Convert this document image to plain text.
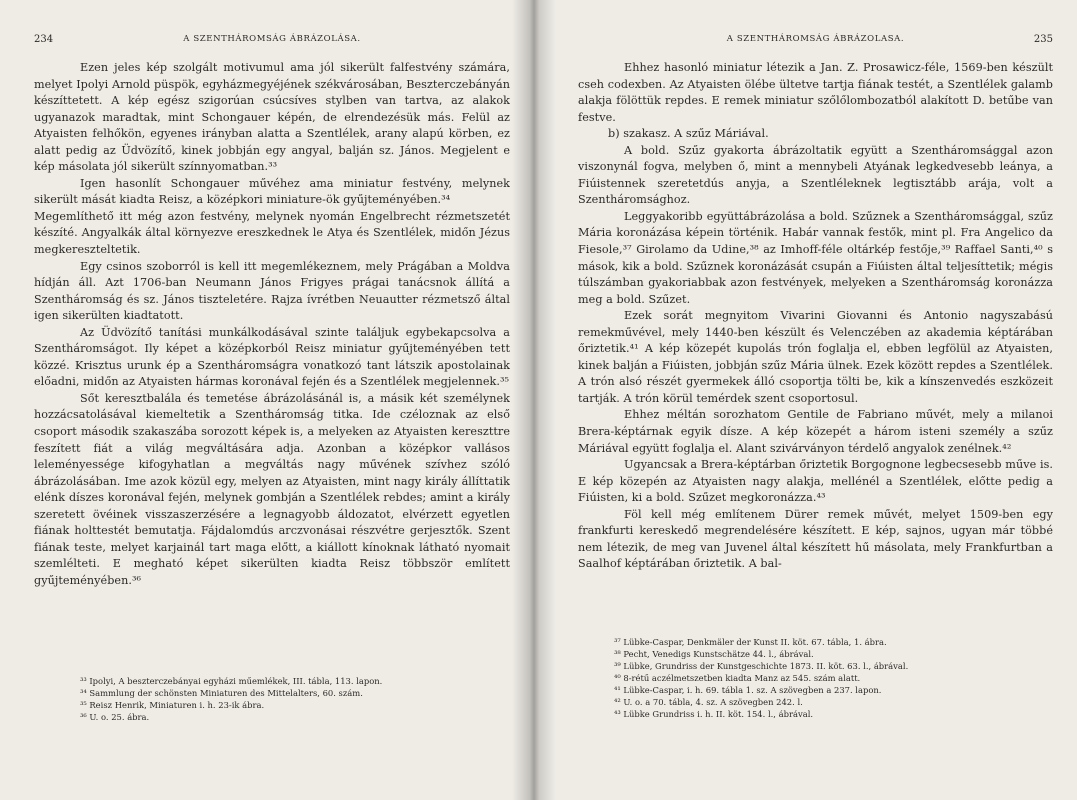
234	A SZENTHÁROMSÁG ÁBRÁZOLÁSA.

Ezen jeles kép szolgált motivumul ama jól sikerült falfestvény számára, melyet Ipolyi Arnold püspök, egyházmegyéjének székvárosában, Beszterczebányán készíttetett. A kép egész szigorúan csúcsíves stylben van tartva, az alakok ugyanazok maradtak, mint Schongauer képén, de elrendezésük más. Felül az Atyaisten felhőkön, egyenes irányban alatta a Szentlélek, arany alapú körben, ez alatt pedig az Üdvözítő, kinek jobbján egy angyal, balján sz. János. Megjelent e kép másolata jól sikerült színnyomatban.³³

Igen hasonlít Schongauer művéhez ama miniatur festvény, melynek sikerült mását kiadta Reisz, a középkori miniature-ök gyűjteményében.³⁴

Megemlíthető itt még azon festvény, melynek nyomán Engelbrecht rézmetszetét készíté. Angyalkák által környezve ereszkednek le Atya és Szentlélek, midőn Jézus megkereszteltetik.

Egy csinos szoborról is kell itt megemlékeznem, mely Prágában a Moldva hídján áll. Azt 1706-ban Neumann János Frigyes prágai tanácsnok állítá a Szentháromság és sz. János tiszteletére. Rajza ívrétben Neuautter rézmetsző által igen sikerülten kiadtatott.

Az Üdvözítő tanítási munkálkodásával szinte találjuk egybekapcsolva a Szentháromságot. Ily képet a középkorból Reisz miniatur gyűjteményében tett közzé. Krisztus urunk ép a Szentháromságra vonatkozó tant látszik apostolainak előadni, midőn az Atyaisten hármas koronával fején és a Szentlélek megjelennek.³⁵

Sőt keresztbalála és temetése ábrázolásánál is, a másik két személynek hozzácsatolásával kiemeltetik a Szentháromság titka. Ide czéloznak az első csoport második szakaszába sorozott képek is, a melyeken az Atyaisten kereszttre feszített fiát a világ megváltására adja. Azonban a középkor vallásos leleményessége kifogyhatlan a megváltás nagy művének szívhez szóló ábrázolásában. Ime azok közül egy, melyen az Atyaisten, mint nagy király állíttatik elénk díszes koronával fején, melynek gombján a Szentlélek rebdes; amint a király szeretett övéinek visszaszerzésére a legnagyobb áldozatot, elvérzett egyetlen fiának holttestét bemutatja. Fájdalomdús arczvonásai részvétre gerjesztők. Szent fiának teste, melyet karjainál tart maga előtt, a kiállott kínoknak látható nyomait szemlélteti. E megható képet sikerülten kiadta Reisz többször említett gyűjteményében.³⁶

³³ Ipolyi, A beszterczebányai egyházi műemlékek, III. tábla, 113. lapon.
³⁴ Sammlung der schönsten Miniaturen des Mittelalters, 60. szám.
³⁵ Reisz Henrik, Miniaturen i. h. 23-ik ábra.
³⁶ U. o. 25. ábra.
A SZENTHÁROMSÁG ÁBRÁZOLASA.	235

Ehhez hasonló miniatur létezik a Jan. Z. Prosawicz-féle, 1569-ben készült cseh codexben. Az Atyaisten ölébe ültetve tartja fiának testét, a Szentlélek galamb alakja fölöttük repdes. E remek miniatur szőlőlombozatból alakított D. betűbe van festve.

b) szakasz. A szűz Máriával.

A bold. Szűz gyakorta ábrázoltatik együtt a Szentháromsággal azon viszonynál fogva, melyben ő, mint a mennybeli Atyának legkedvesebb leánya, a Fiúistennek szeretetdús anyja, a Szentléleknek legtisztább arája, volt a Szentháromsághoz.

Leggyakoribb együttábrázolása a bold. Szűznek a Szentháromsággal, szűz Mária koronázása képein történik. Habár vannak festők, mint pl. Fra Angelico da Fiesole,³⁷ Girolamo da Udine,³⁸ az Imhoff-féle oltárkép festője,³⁹ Raffael Santi,⁴⁰ s mások, kik a bold. Szűznek koronázását csupán a Fiúisten által teljesíttetik; mégis túlszámban gyakoriabbak azon festvények, melyeken a Szentháromság koronázza meg a bold. Szűzet.

Ezek sorát megnyitom Vivarini Giovanni és Antonio nagyszabású remekművével, mely 1440-ben készült és Velenczében az akademia képtárában őriztetik.⁴¹ A kép közepét kupolás trón foglalja el, ebben legfölül az Atyaisten, kinek balján a Fiúisten, jobbján szűz Mária ülnek. Ezek között repdes a Szentlélek. A trón alsó részét gyermekek álló csoportja tölti be, kik a kínszenvedés eszközeit tartják. A trón körül temérdek szent csoportosul.

Ehhez méltán sorozhatom Gentile de Fabriano művét, mely a milanoi Brera-képtárnak egyik dísze. A kép közepét a három isteni személy a szűz Máriával együtt foglalja el. Alant szivárványon térdelő angyalok zenélnek.⁴²

Ugyancsak a Brera-képtárban őriztetik Borgognone legbecsesebb műve is. E kép közepén az Atyaisten nagy alakja, mellénél a Szentlélek, előtte pedig a Fiúisten, ki a bold. Szűzet megkoronázza.⁴³

Föl kell még említenem Dürer remek művét, melyet 1509-ben egy frankfurti kereskedő megrendelésére készített. E kép, sajnos, ugyan már többé nem létezik, de meg van Juvenel által készített hű másolata, mely Frankfurtban a Saalhof képtárában őriztetik. A bal-

³⁷ Lübke-Caspar, Denkmäler der Kunst II. köt. 67. tábla, 1. ábra.
³⁸ Pecht, Venedigs Kunstschätze 44. l., ábrával.
³⁹ Lübke, Grundriss der Kunstgeschichte 1873. II. köt. 63. l., ábrával.
⁴⁰ 8-rétű aczélmetszetben kiadta Manz az 545. szám alatt.
⁴¹ Lübke-Caspar, i. h. 69. tábla 1. sz. A szövegben a 237. lapon.
⁴² U. o. a 70. tábla, 4. sz. A szövegben 242. l.
⁴³ Lübke Grundriss i. h. II. köt. 154. l., ábrával.
